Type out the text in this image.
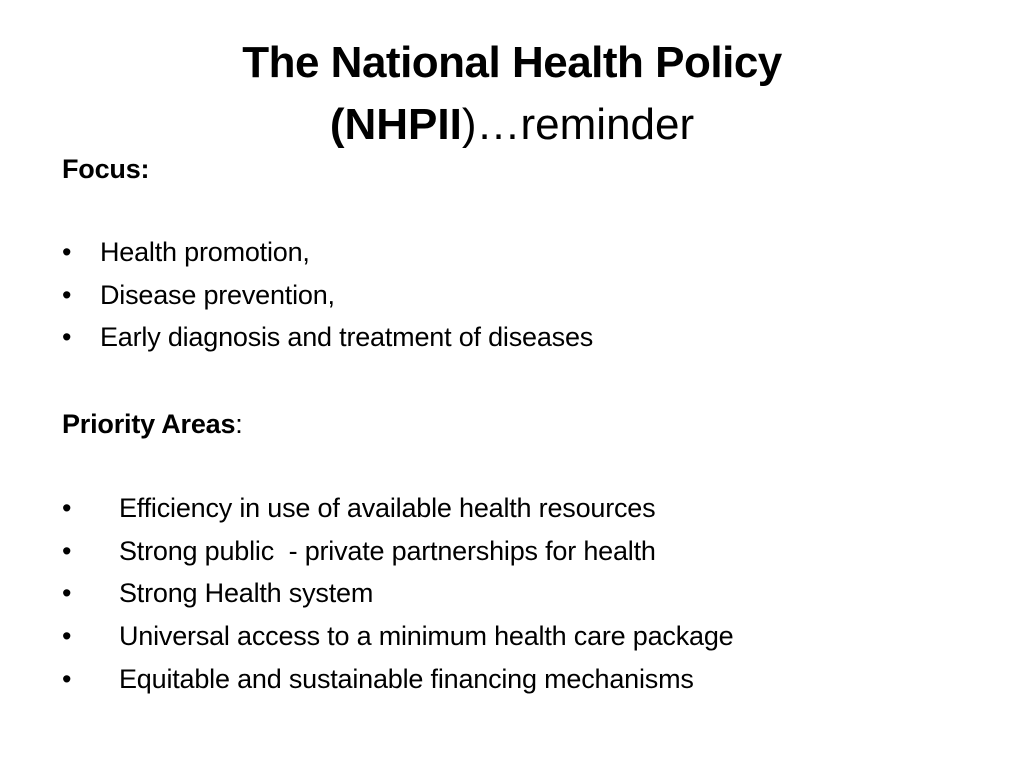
The National Health Policy
(NHPII)…reminder
Focus:
• Health promotion,
• Disease prevention,
• Early diagnosis and treatment of diseases
Priority Areas:
• Efficiency in use of available health resources
• Strong public  - private partnerships for health
• Strong Health system
• Universal access to a minimum health care package
• Equitable and sustainable financing mechanisms
